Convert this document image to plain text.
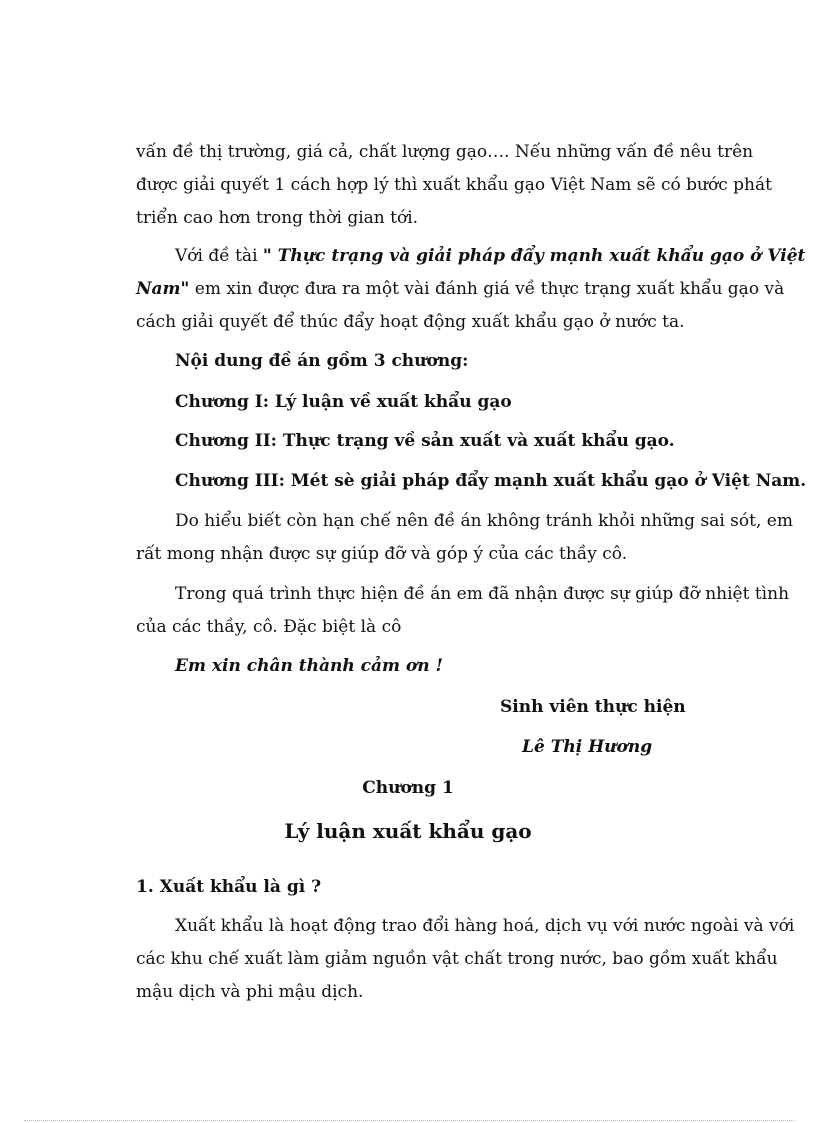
vấn đề thị trường, giá cả, chất lượng gạo…. Nếu những vấn đề nêu trên
được giải quyết 1 cách hợp lý thì xuất khẩu gạo Việt Nam sẽ có bước phát
triển cao hơn trong thời gian tới.
Với đề tài " Thực trạng và giải pháp đẩy mạnh xuất khẩu gạo ở Việt
Nam" em xin được đưa ra một vài đánh giá về thực trạng xuất khẩu gạo và
cách giải quyết để thúc đẩy hoạt động xuất khẩu gạo ở nước ta.

Nội dung đề án gồm 3 chương:

Chương I: Lý luận về xuất khẩu gạo

Chương II: Thực trạng về sản xuất và xuất khẩu gạo.

Chương III: Mét sè giải pháp đẩy mạnh xuất khẩu gạo ở Việt Nam.

Do hiểu biết còn hạn chế nên đề án không tránh khỏi những sai sót, em
rất mong nhận được sự giúp đỡ và góp ý của các thầy cô.
Trong quá trình thực hiện đề án em đã nhận được sự giúp đỡ nhiệt tình
của các thầy, cô. Đặc biệt là cô

Em xin chân thành cảm ơn !

Sinh viên thực hiện

Lê Thị Hương

Chương 1

Lý luận xuất khẩu gạo

1. Xuất khẩu là gì ?

Xuất khẩu là hoạt động trao đổi hàng hoá, dịch vụ với nước ngoài và với
các khu chế xuất làm giảm nguồn vật chất trong nước, bao gồm xuất khẩu
mậu dịch và phi mậu dịch.
